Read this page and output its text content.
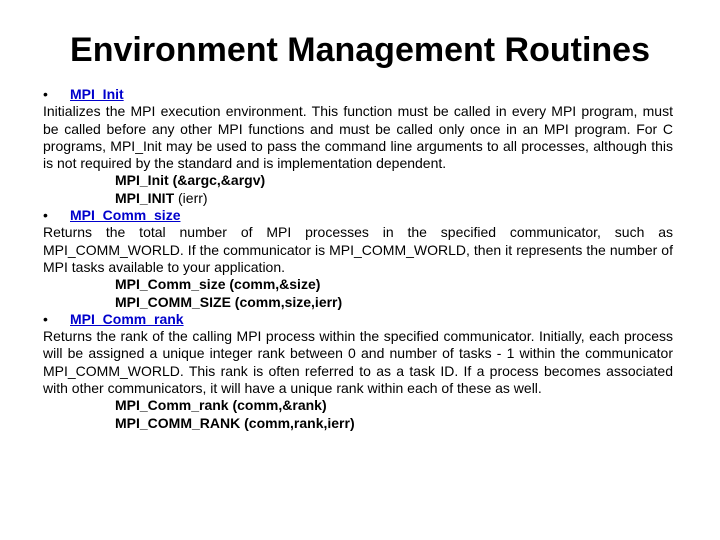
Environment Management Routines
• MPI_Init

Initializes the MPI execution environment. This function must be called in every MPI program, must be called before any other MPI functions and must be called only once in an MPI program. For C programs, MPI_Init may be used to pass the command line arguments to all processes, although this is not required by the standard and is implementation dependent.

MPI_Init (&argc,&argv)
MPI_INIT (ierr)
• MPI_Comm_size

Returns the total number of MPI processes in the specified communicator, such as MPI_COMM_WORLD. If the communicator is MPI_COMM_WORLD, then it represents the number of MPI tasks available to your application.

MPI_Comm_size (comm,&size)
MPI_COMM_SIZE (comm,size,ierr)
• MPI_Comm_rank

Returns the rank of the calling MPI process within the specified communicator. Initially, each process will be assigned a unique integer rank between 0 and number of tasks - 1 within the communicator MPI_COMM_WORLD. This rank is often referred to as a task ID. If a process becomes associated with other communicators, it will have a unique rank within each of these as well.

MPI_Comm_rank (comm,&rank)
MPI_COMM_RANK (comm,rank,ierr)
